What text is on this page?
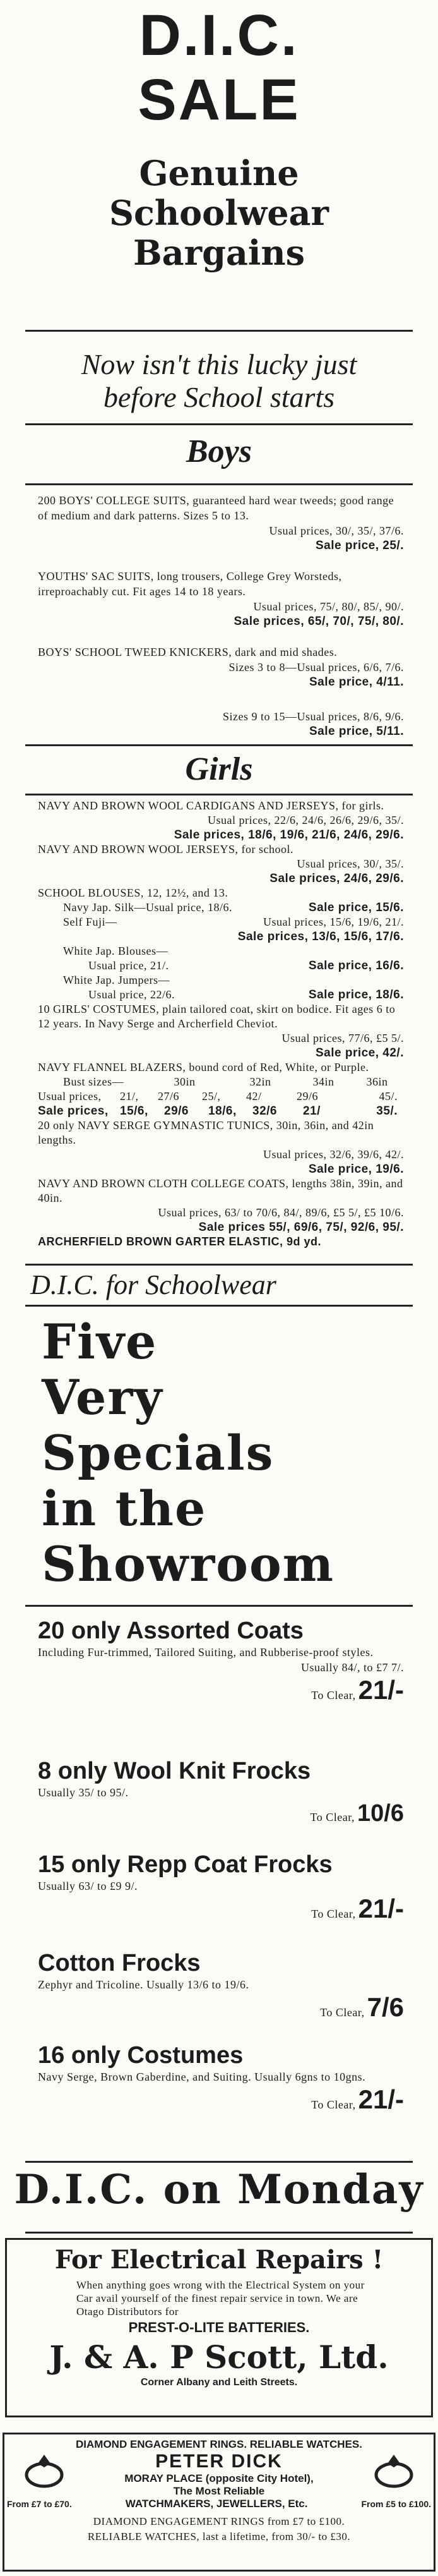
D.I.C.
SALE
Genuine
Schoolwear
Bargains
Now isn't this lucky just
before School starts
Boys
200 BOYS' COLLEGE SUITS, guaranteed hard wear tweeds; good range of medium and dark patterns. Sizes 5 to 13.
Usual prices, 30/, 35/, 37/6.
Sale price, 25/.
YOUTHS' SAC SUITS, long trousers, College Grey Worsteds, irreproachably cut. Fit ages 14 to 18 years.
Usual prices, 75/, 80/, 85/, 90/.
Sale prices, 65/, 70/, 75/, 80/.
BOYS' SCHOOL TWEED KNICKERS, dark and mid shades.
Sizes 3 to 8—Usual prices, 6/6, 7/6.
Sale price, 4/11.
Sizes 9 to 15—Usual prices, 8/6, 9/6.
Sale price, 5/11.
Girls
NAVY AND BROWN WOOL CARDIGANS AND JERSEYS, for girls.
Usual prices, 22/6, 24/6, 26/6, 29/6, 35/.
Sale prices, 18/6, 19/6, 21/6, 24/6, 29/6.
NAVY AND BROWN WOOL JERSEYS, for school.
Usual prices, 30/, 35/.
Sale prices, 24/6, 29/6.
SCHOOL BLOUSES, 12, 12½, and 13.
Navy Jap. Silk—Usual price, 18/6.	Sale price, 15/6.
Self Fuji—	Usual prices, 15/6, 19/6, 21/.
Sale prices, 13/6, 15/6, 17/6.
White Jap. Blouses—
Usual price, 21/.	Sale price, 16/6.
White Jap. Jumpers—
Usual price, 22/6.	Sale price, 18/6.
10 GIRLS' COSTUMES, plain tailored coat, skirt on bodice. Fit ages 6 to 12 years. In Navy Serge and Archerfield Cheviot.
Usual prices, 77/6, £5 5/.
Sale price, 42/.
NAVY FLANNEL BLAZERS, bound cord of Red, White, or Purple.
Bust sizes—	30in	32in	34in	36in
Usual prices,	21/,	27/6	25/,	42/	29/6	45/.
Sale prices, 15/6,	29/6	18/6,	32/6	21/	35/.
20 only NAVY SERGE GYMNASTIC TUNICS, 30in, 36in, and 42in lengths.
Usual prices, 32/6, 39/6, 42/.
Sale price, 19/6.
NAVY AND BROWN CLOTH COLLEGE COATS, lengths 38in, 39in, and 40in.
Usual prices, 63/ to 70/6, 84/, 89/6, £5 5/, £5 10/6.
Sale prices 55/, 69/6, 75/, 92/6, 95/.
ARCHERFIELD BROWN GARTER ELASTIC, 9d yd.
D.I.C. for Schoolwear
Five
Very
Specials
in the
Showroom
20 only Assorted Coats
Including Fur-trimmed, Tailored Suiting, and Rubberise-proof styles.
Usually 84/, to £7 7/.
To Clear, 21/-
8 only Wool Knit Frocks
Usually 35/ to 95/.
To Clear, 10/6
15 only Repp Coat Frocks
Usually 63/ to £9 9/.
To Clear, 21/-
Cotton Frocks
Zephyr and Tricoline. Usually 13/6 to 19/6.
To Clear, 7/6
16 only Costumes
Navy Serge, Brown Gaberdine, and Suiting. Usually 6gns to 10gns.
To Clear, 21/-
D.I.C. on Monday
For Electrical Repairs !
When anything goes wrong with the Electrical System on your Car avail yourself of the finest repair service in town. We are Otago Distributors for
PREST-O-LITE BATTERIES.
J. & A. P Scott, Ltd.
Corner Albany and Leith Streets.
DIAMOND ENGAGEMENT RINGS. RELIABLE WATCHES.
PETER DICK
MORAY PLACE (opposite City Hotel),
The Most Reliable
From £7 to £70.	WATCHMAKERS, JEWELLERS, Etc.	From £5 to £100.
DIAMOND ENGAGEMENT RINGS from £7 to £100.
RELIABLE WATCHES, last a lifetime, from 30/- to £30.
